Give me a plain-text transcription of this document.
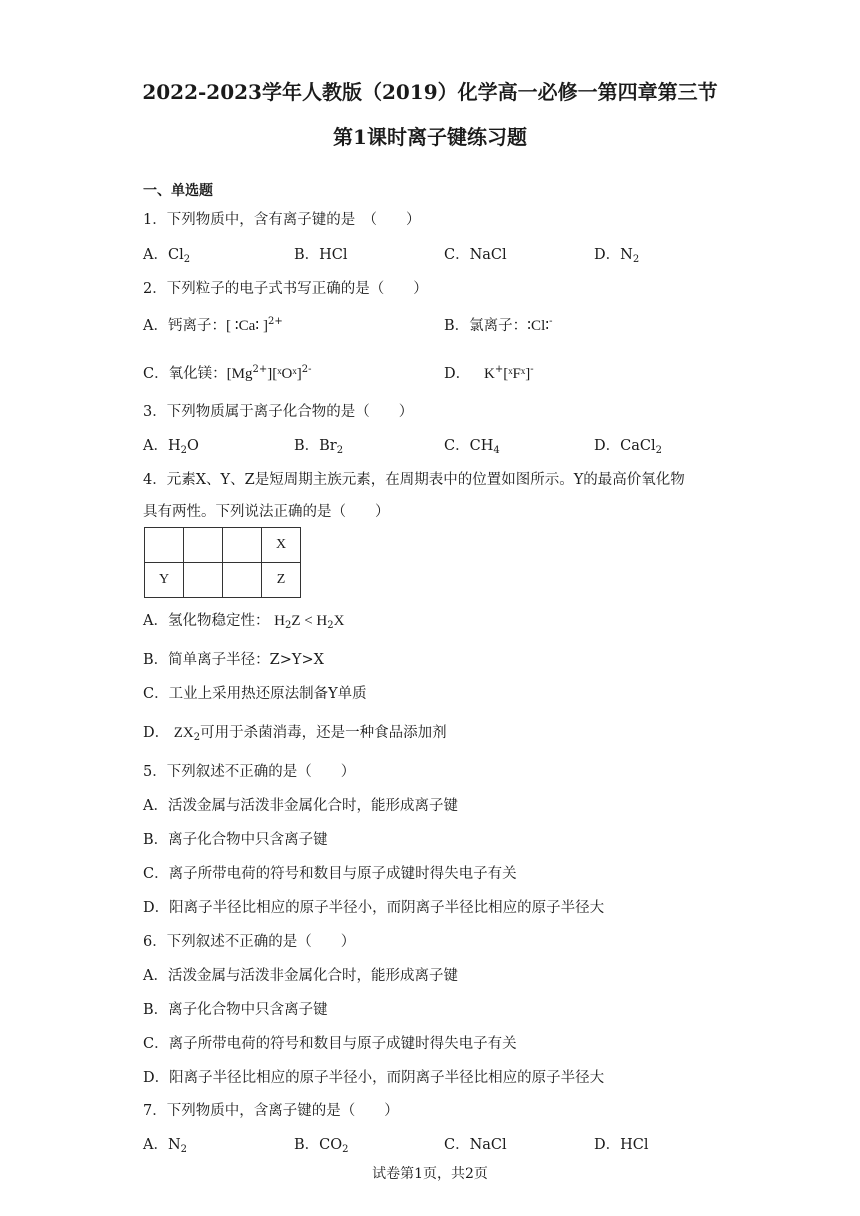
2022-2023学年人教版（2019）化学高一必修一第四章第三节
第1课时离子键练习题
一、单选题
1．下列物质中，含有离子键的是　（　　）
A．$Cl_2$	B．HCl	C．NaCl	D．$N_2$
2．下列粒子的电子式书写正确的是（　　）
A．钙离子：[ ∶Ca∶ ]$^{2+}$	B．氯离子：∶Cl∶-
C．氧化镁：$[Mg^{2+}][ˣOˣ]^{2-}$	D． K+[ˣFˣ]-
3．下列物质属于离子化合物的是（　　）
A．$H_2O$	B．$Br_2$	C．$CH_4$	D．CaCl$_2$
4．元素X、Y、Z是短周期主族元素，在周期表中的位置如图所示。Y的最高价氧化物
具有两性。下列说法正确的是（　　）
			X
Y			Z
A．氢化物稳定性： $H_2Z < H_2X$
B．简单离子半径：Z>Y>X
C．工业上采用热还原法制备Y单质
D． $ZX_2$可用于杀菌消毒，还是一种食品添加剂
5．下列叙述不正确的是（　　）
A．活泼金属与活泼非金属化合时，能形成离子键
B．离子化合物中只含离子键
C．离子所带电荷的符号和数目与原子成键时得失电子有关
D．阳离子半径比相应的原子半径小，而阴离子半径比相应的原子半径大
6．下列叙述不正确的是（　　）
A．活泼金属与活泼非金属化合时，能形成离子键
B．离子化合物中只含离子键
C．离子所带电荷的符号和数目与原子成键时得失电子有关
D．阳离子半径比相应的原子半径小，而阴离子半径比相应的原子半径大
7．下列物质中，含离子键的是（　　）
A．$N_2$	B．$CO_2$	C．NaCl	D．HCl
试卷第1页，共2页
